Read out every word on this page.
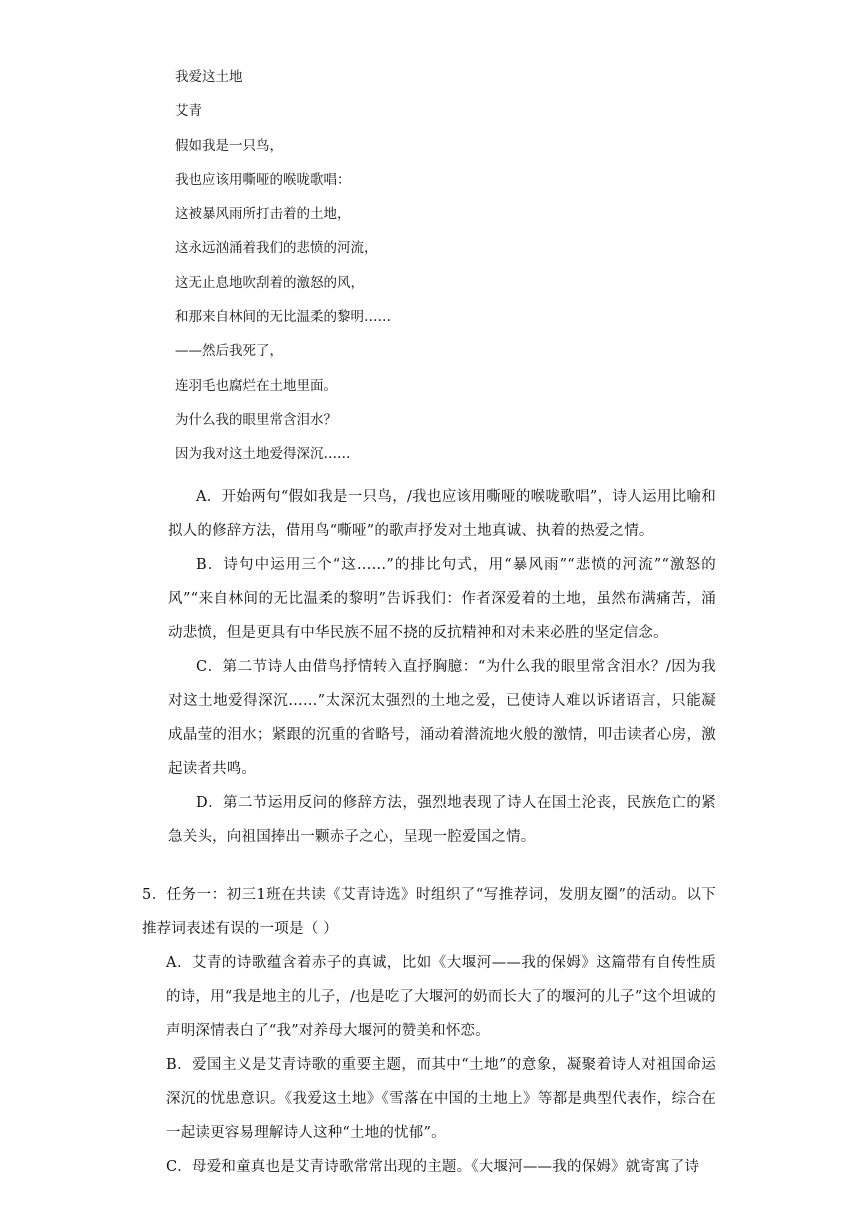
我爱这土地
艾青
假如我是一只鸟，
我也应该用嘶哑的喉咙歌唱：
这被暴风雨所打击着的土地，
这永远汹涌着我们的悲愤的河流，
这无止息地吹刮着的激怒的风，
和那来自林间的无比温柔的黎明……
——然后我死了，
连羽毛也腐烂在土地里面。
为什么我的眼里常含泪水？
因为我对这土地爱得深沉……

A．开始两句“假如我是一只鸟，/我也应该用嘶哑的喉咙歌唱”，诗人运用比喻和拟人的修辞方法，借用鸟“嘶哑”的歌声抒发对土地真诚、执着的热爱之情。

B．诗句中运用三个“这……”的排比句式，用“暴风雨”“悲愤的河流”“激怒的风”“来自林间的无比温柔的黎明”告诉我们：作者深爱着的土地，虽然布满痛苦，涌动悲愤，但是更具有中华民族不屈不挠的反抗精神和对未来必胜的坚定信念。

C．第二节诗人由借鸟抒情转入直抒胸臆：“为什么我的眼里常含泪水？/因为我对这土地爱得深沉……”太深沉太强烈的土地之爱，已使诗人难以诉诸语言，只能凝成晶莹的泪水；紧跟的沉重的省略号，涌动着潜流地火般的激情，叩击读者心房，激起读者共鸣。

D．第二节运用反问的修辞方法，强烈地表现了诗人在国土沦丧，民族危亡的紧急关头，向祖国捧出一颗赤子之心，呈现一腔爱国之情。

5．任务一：初三1班在共读《艾青诗选》时组织了“写推荐词，发朋友圈”的活动。以下推荐词表述有误的一项是（ ）

A．艾青的诗歌蕴含着赤子的真诚，比如《大堰河——我的保姆》这篇带有自传性质的诗，用“我是地主的儿子，/也是吃了大堰河的奶而长大了的堰河的儿子”这个坦诚的声明深情表白了“我”对养母大堰河的赞美和怀恋。

B．爱国主义是艾青诗歌的重要主题，而其中“土地”的意象，凝聚着诗人对祖国命运深沉的忧患意识。《我爱这土地》《雪落在中国的土地上》等都是典型代表作，综合在一起读更容易理解诗人这种“土地的忧郁”。

C．母爱和童真也是艾青诗歌常常出现的主题。《大堰河——我的保姆》就寄寓了诗
